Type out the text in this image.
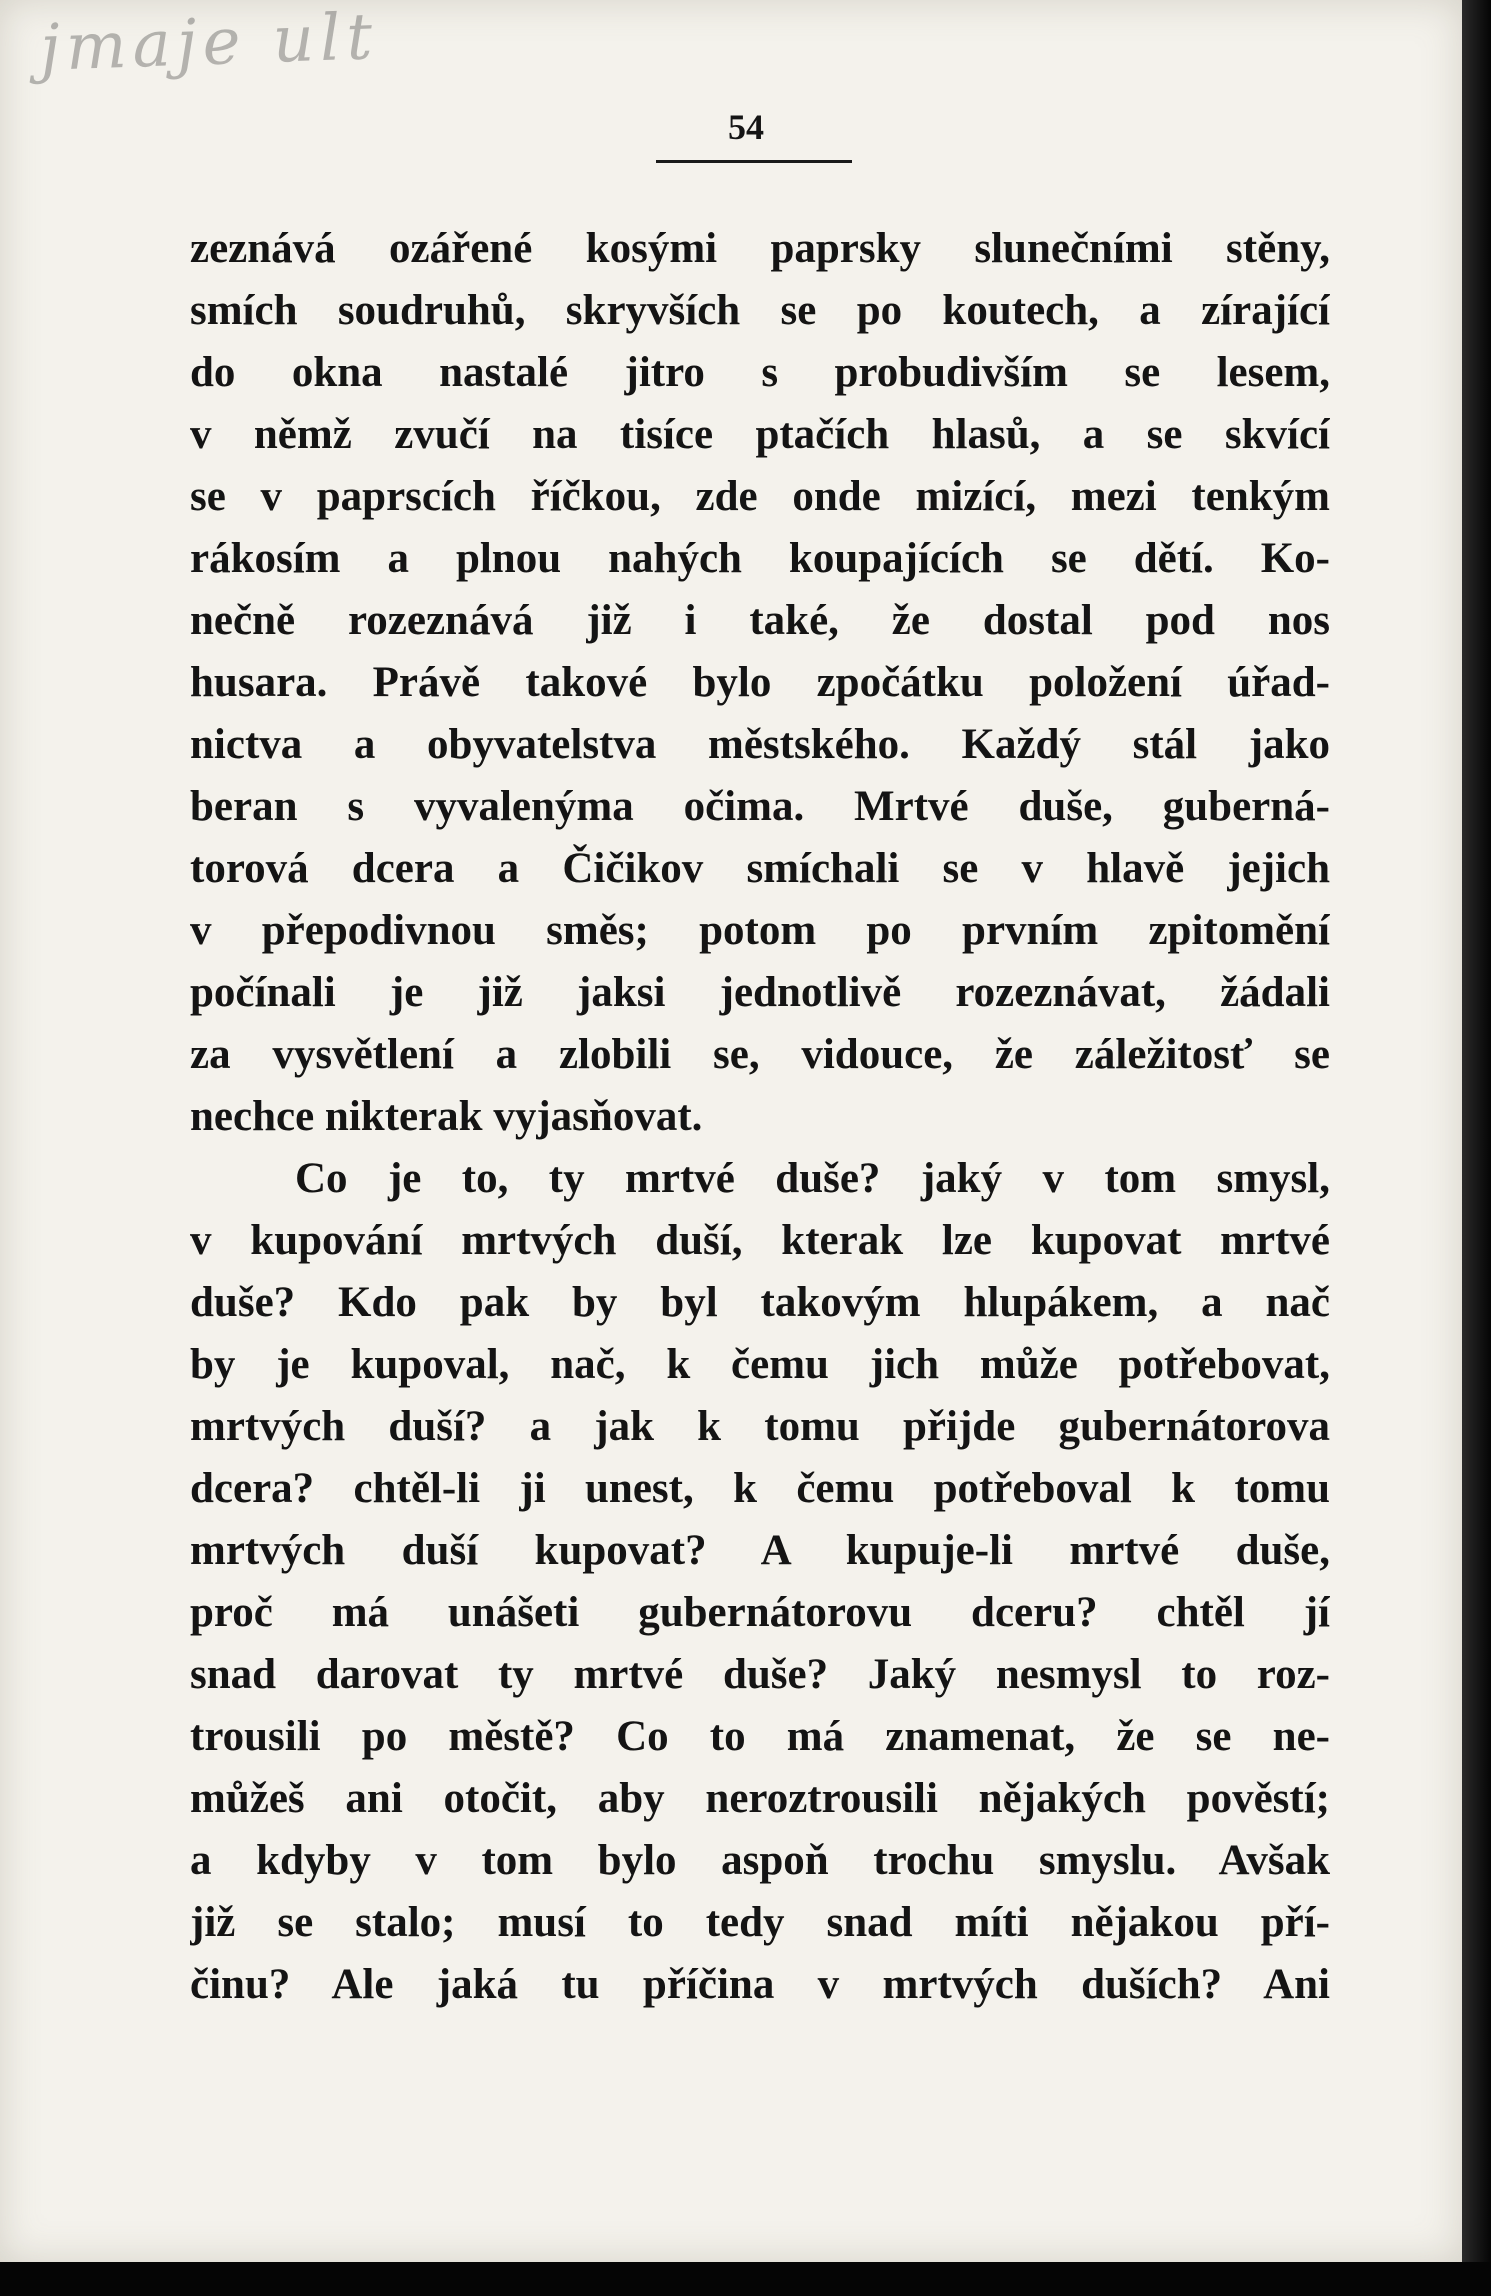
jmaje ult
54
zeznává ozářené kosými paprsky slunečními stěny,
smích soudruhů, skryvších se po koutech, a zírající
do okna nastalé jitro s probudivším se lesem,
v němž zvučí na tisíce ptačích hlasů, a se skvící
se v paprscích říčkou, zde onde mizící, mezi tenkým
rákosím a plnou nahých koupajících se dětí. Ko-
nečně rozeznává již i také, že dostal pod nos
husara. Právě takové bylo zpočátku položení úřad-
nictva a obyvatelstva městského. Každý stál jako
beran s vyvalenýma očima. Mrtvé duše, guberná-
torová dcera a Čičikov smíchali se v hlavě jejich
v přepodivnou směs; potom po prvním zpitomění
počínali je již jaksi jednotlivě rozeznávat, žádali
za vysvětlení a zlobili se, vidouce, že záležitosť se
nechce nikterak vyjasňovat.
Co je to, ty mrtvé duše? jaký v tom smysl,
v kupování mrtvých duší, kterak lze kupovat mrtvé
duše? Kdo pak by byl takovým hlupákem, a nač
by je kupoval, nač, k čemu jich může potřebovat,
mrtvých duší? a jak k tomu přijde gubernátorova
dcera? chtěl-li ji unest, k čemu potřeboval k tomu
mrtvých duší kupovat? A kupuje-li mrtvé duše,
proč má unášeti gubernátorovu dceru? chtěl jí
snad darovat ty mrtvé duše? Jaký nesmysl to roz-
trousili po městě? Co to má znamenat, že se ne-
můžeš ani otočit, aby neroztrousili nějakých pověstí;
a kdyby v tom bylo aspoň trochu smyslu. Avšak
již se stalo; musí to tedy snad míti nějakou pří-
činu? Ale jaká tu příčina v mrtvých duších? Ani
